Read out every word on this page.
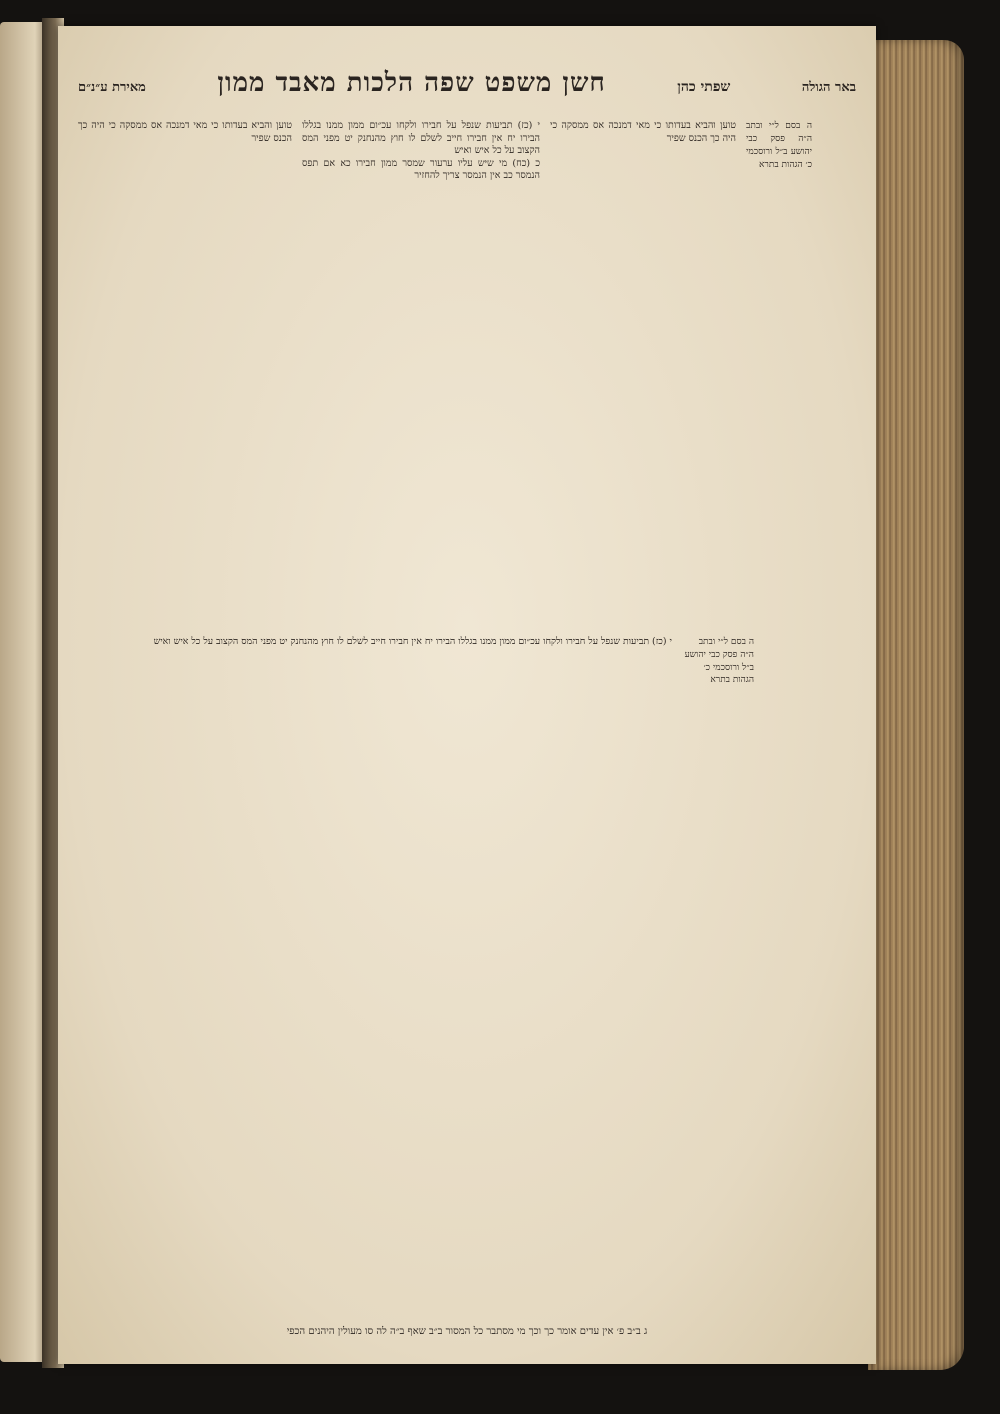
באר הגולה
שפתי כהן
חשן משפט שפה הלכות מאבד ממון
מאירת ע״נ״ם
טוען והביא בעדותו כי מאי דמנכה אס ממסקה כי היה כך הכנס שפיר
י (כז) תביעות שנפל על חבירו ולקחו עכ״ום ממון ממנו בגללו הבירו יח אין חבירו חייב לשלם לו חוץ מהנחנק יט מפני המס הקצוב על כל איש ואיש
כ (כח) מי שיש עליו ערעור שמסר ממון חבירו כא אם תפס הנמסר כב אין הנמסר צריך להחזיר
טוען והביא בעדותו כי מאי דמנכה אס ממסקה כי היה כך הכנס שפיר
ה בסם ל״י ובתב ה״ה פסק כבי יהושע ב״ל ורוסכמי כ׳ הגהות בתרא
י (כז) תביעות שנפל על חבירו ולקחו עכ״ום ממון ממנו בגללו הבירו יח אין חבירו חייב לשלם לו חוץ מהנחנק יט מפני המס הקצוב על כל איש ואיש	ה בסם ל״י ובתב ה״ה פסק כבי יהושע ב״ל ורוסכמי כ׳ הגהות בתרא
ג ב״ב פ׳ אין עדים אומר כך וכך מי מסתבר כל המסור ב״ב שאף ב״ה לה סו מעולין היהנים הכפי
